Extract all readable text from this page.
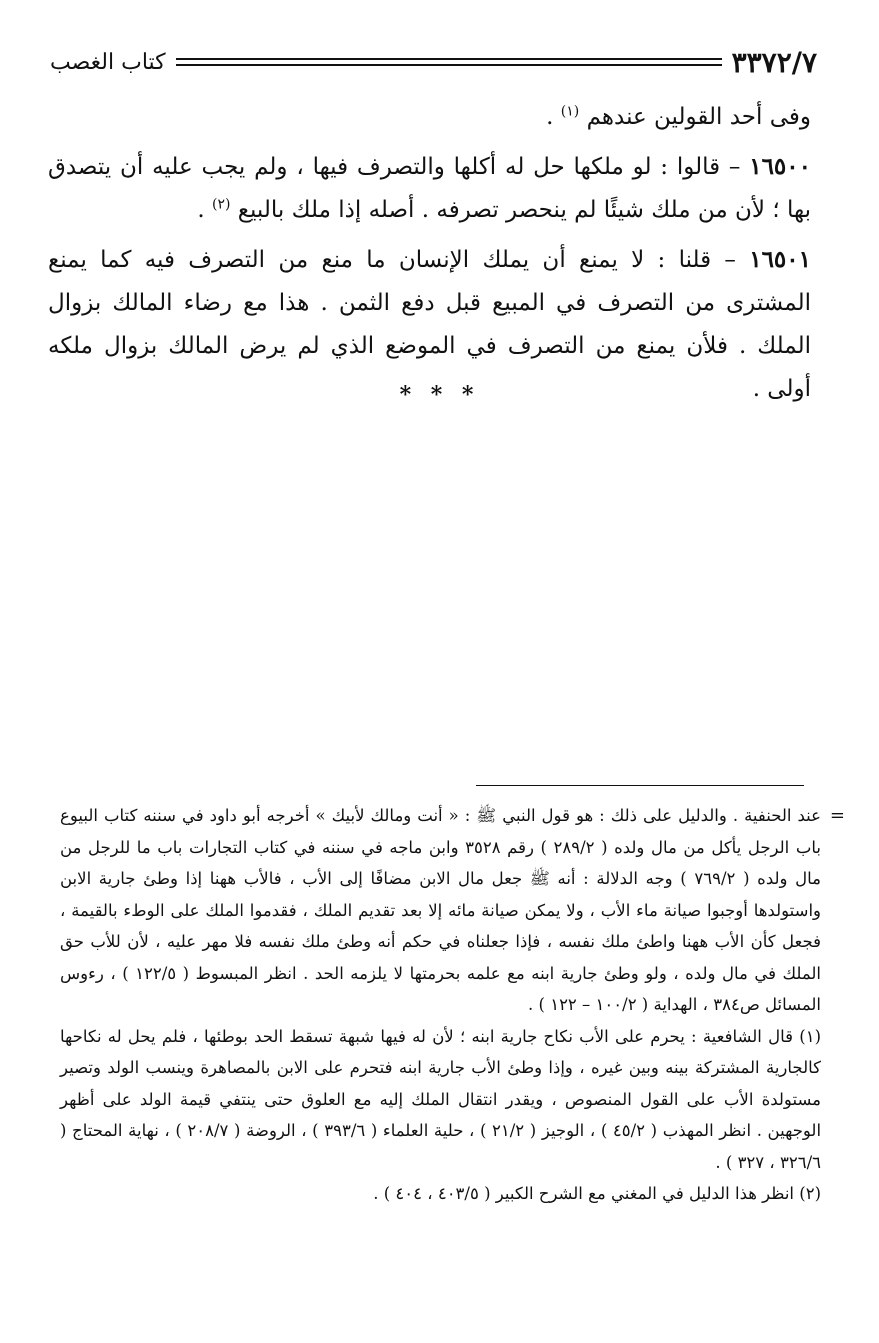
٣٣٧٢/٧
كتاب الغصب

وفى أحد القولين عندهم $^{(١)}$ .

١٦٥٠٠ – قالوا : لو ملكها حل له أكلها والتصرف فيها ، ولم يجب عليه أن يتصدق بها ؛ لأن من ملك شيئًا لم ينحصر تصرفه . أصله إذا ملك بالبيع $^{(٢)}$ .

١٦٥٠١ – قلنا : لا يمنع أن يملك الإنسان ما منع من التصرف فيه كما يمنع المشترى من التصرف في المبيع قبل دفع الثمن . هذا مع رضاء المالك بزوال الملك . فلأن يمنع من التصرف في الموضع الذي لم يرض المالك بزوال ملكه أولى .

* * *

=
عند الحنفية . والدليل على ذلك : هو قول النبي ﷺ : « أنت ومالك لأبيك » أخرجه أبو داود في سننه كتاب البيوع باب الرجل يأكل من مال ولده ( ٢٨٩/٢ ) رقم ٣٥٢٨ وابن ماجه في سننه في كتاب التجارات باب ما للرجل من مال ولده ( ٧٦٩/٢ ) وجه الدلالة : أنه ﷺ جعل مال الابن مضافًا إلى الأب ، فالأب ههنا إذا وطئ جارية الابن واستولدها أوجبوا صيانة ماء الأب ، ولا يمكن صيانة مائه إلا بعد تقديم الملك ، فقدموا الملك على الوطء بالقيمة ، فجعل كأن الأب ههنا واطئ ملك نفسه ، فإذا جعلناه في حكم أنه وطئ ملك نفسه فلا مهر عليه ، لأن للأب حق الملك في مال ولده ، ولو وطئ جارية ابنه مع علمه بحرمتها لا يلزمه الحد . انظر المبسوط ( ١٢٢/٥ ) ، رءوس المسائل ص٣٨٤ ، الهداية ( ١٠٠/٢ – ١٢٢ ) .

(١) قال الشافعية : يحرم على الأب نكاح جارية ابنه ؛ لأن له فيها شبهة تسقط الحد بوطئها ، فلم يحل له نكاحها كالجارية المشتركة بينه وبين غيره ، وإذا وطئ الأب جارية ابنه فتحرم على الابن بالمصاهرة وينسب الولد وتصير مستولدة الأب على القول المنصوص ، ويقدر انتقال الملك إليه مع العلوق حتى ينتفي قيمة الولد على أظهر الوجهين . انظر المهذب ( ٤٥/٢ ) ، الوجيز ( ٢١/٢ ) ، حلية العلماء ( ٣٩٣/٦ ) ، الروضة ( ٢٠٨/٧ ) ، نهاية المحتاج ( ٣٢٦/٦ ، ٣٢٧ ) .

(٢) انظر هذا الدليل في المغني مع الشرح الكبير ( ٤٠٣/٥ ، ٤٠٤ ) .
